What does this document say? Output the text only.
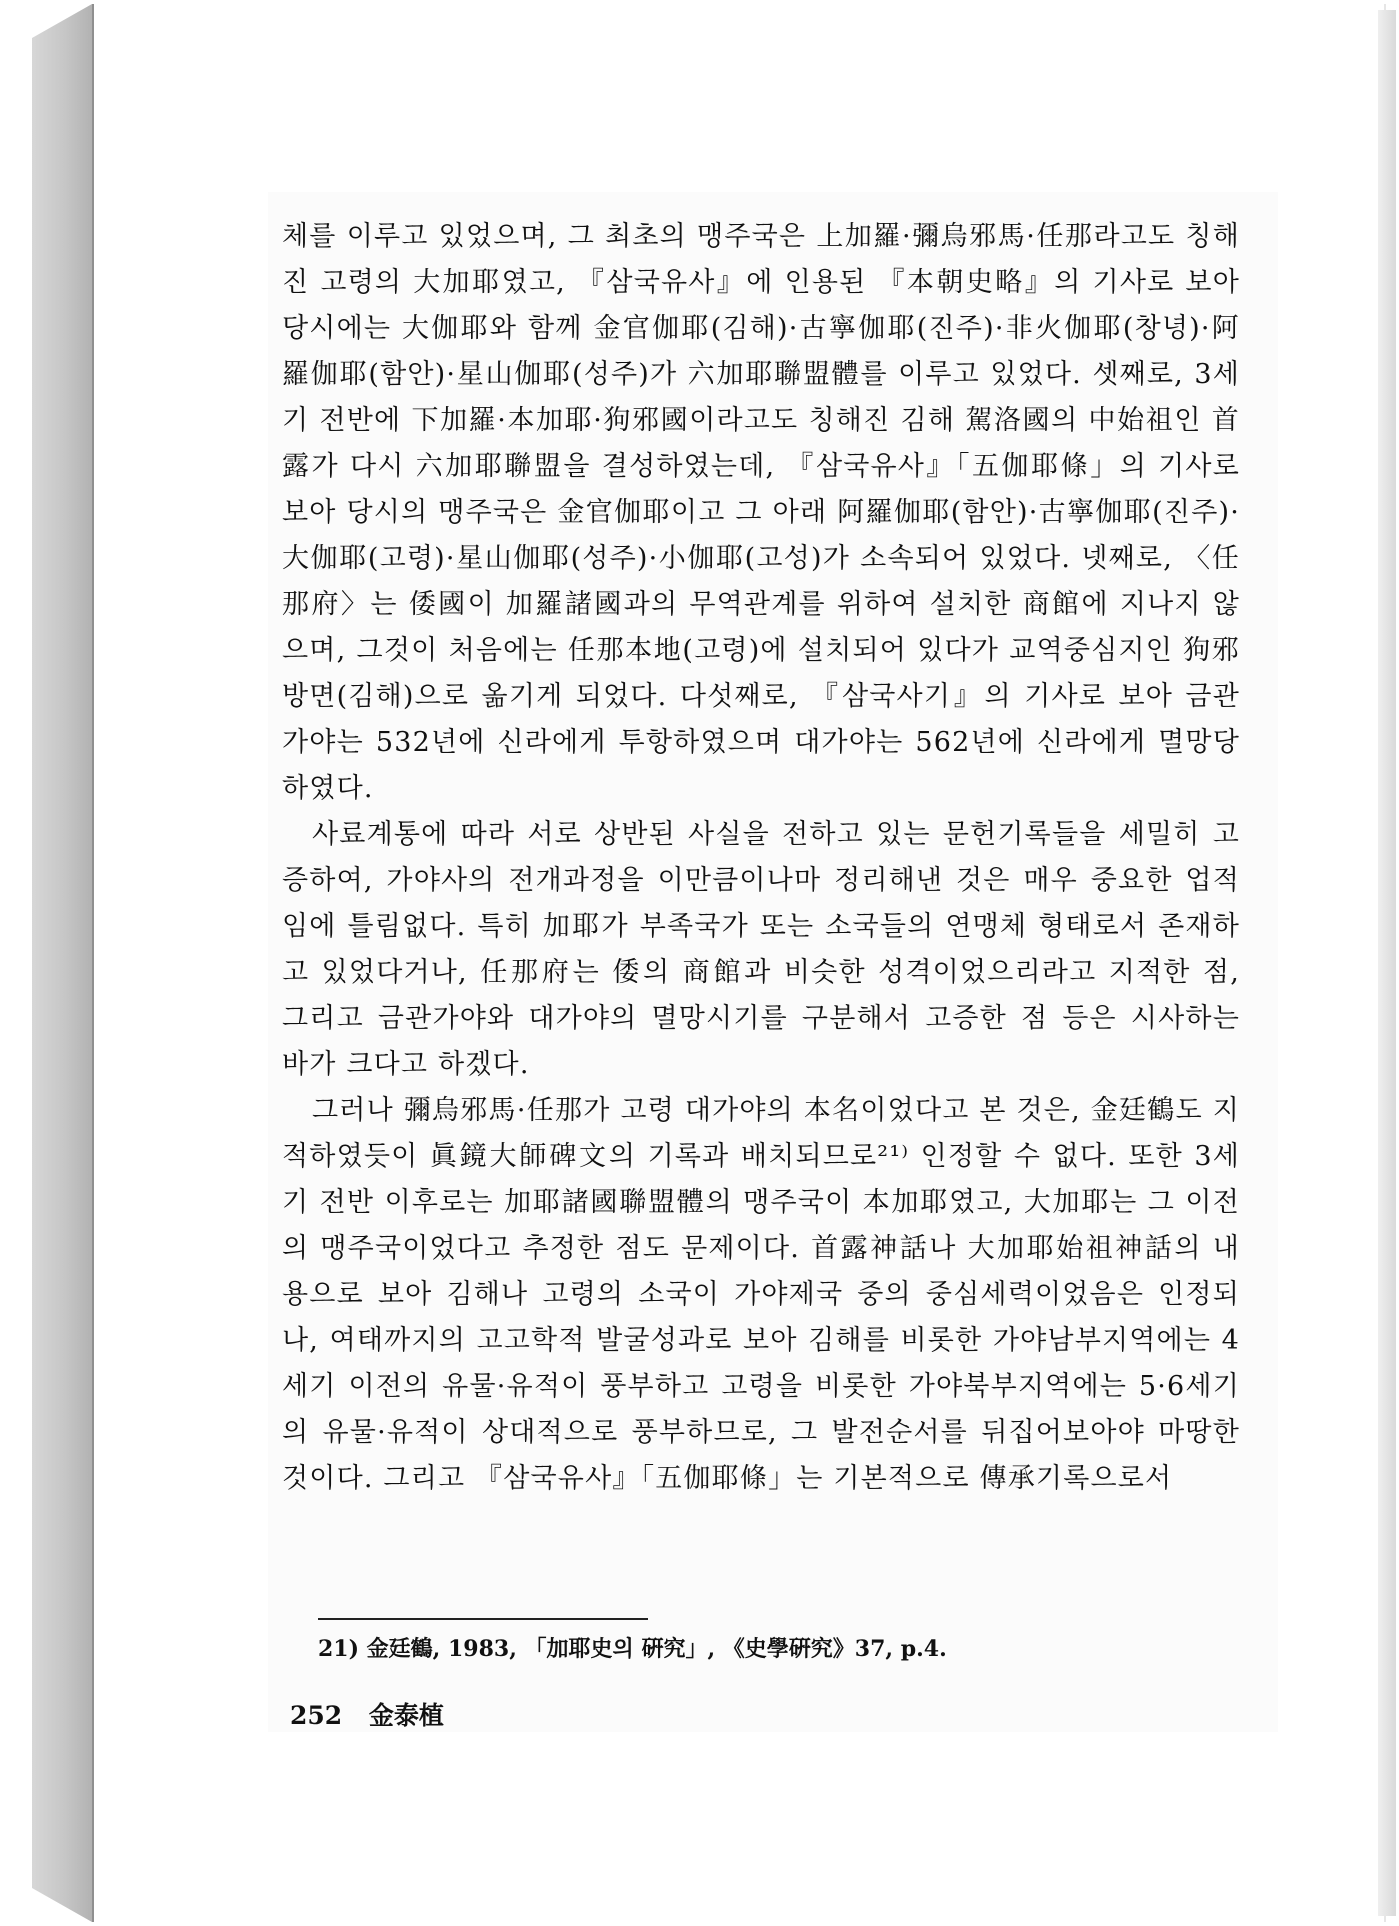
체를 이루고 있었으며, 그 최초의 맹주국은 上加羅·彌烏邪馬·任那라고도 칭해진 고령의 大加耶였고, 『삼국유사』에 인용된 『本朝史略』의 기사로 보아 당시에는 大伽耶와 함께 金官伽耶(김해)·古寧伽耶(진주)·非火伽耶(창녕)·阿羅伽耶(함안)·星山伽耶(성주)가 六加耶聯盟體를 이루고 있었다. 셋째로, 3세기 전반에 下加羅·本加耶·狗邪國이라고도 칭해진 김해 駕洛國의 中始祖인 首露가 다시 六加耶聯盟을 결성하였는데, 『삼국유사』「五伽耶條」의 기사로 보아 당시의 맹주국은 金官伽耶이고 그 아래 阿羅伽耶(함안)·古寧伽耶(진주)·大伽耶(고령)·星山伽耶(성주)·小伽耶(고성)가 소속되어 있었다. 넷째로, 〈任那府〉는 倭國이 加羅諸國과의 무역관계를 위하여 설치한 商館에 지나지 않으며, 그것이 처음에는 任那本地(고령)에 설치되어 있다가 교역중심지인 狗邪방면(김해)으로 옮기게 되었다. 다섯째로, 『삼국사기』의 기사로 보아 금관가야는 532년에 신라에게 투항하였으며 대가야는 562년에 신라에게 멸망당하였다.

사료계통에 따라 서로 상반된 사실을 전하고 있는 문헌기록들을 세밀히 고증하여, 가야사의 전개과정을 이만큼이나마 정리해낸 것은 매우 중요한 업적임에 틀림없다. 특히 加耶가 부족국가 또는 소국들의 연맹체 형태로서 존재하고 있었다거나, 任那府는 倭의 商館과 비슷한 성격이었으리라고 지적한 점, 그리고 금관가야와 대가야의 멸망시기를 구분해서 고증한 점 등은 시사하는 바가 크다고 하겠다.

그러나 彌烏邪馬·任那가 고령 대가야의 本名이었다고 본 것은, 金廷鶴도 지적하였듯이 眞鏡大師碑文의 기록과 배치되므로²¹⁾ 인정할 수 없다. 또한 3세기 전반 이후로는 加耶諸國聯盟體의 맹주국이 本加耶였고, 大加耶는 그 이전의 맹주국이었다고 추정한 점도 문제이다. 首露神話나 大加耶始祖神話의 내용으로 보아 김해나 고령의 소국이 가야제국 중의 중심세력이었음은 인정되나, 여태까지의 고고학적 발굴성과로 보아 김해를 비롯한 가야남부지역에는 4세기 이전의 유물·유적이 풍부하고 고령을 비롯한 가야북부지역에는 5·6세기의 유물·유적이 상대적으로 풍부하므로, 그 발전순서를 뒤집어보아야 마땅한 것이다. 그리고 『삼국유사』「五伽耶條」는 기본적으로 傳承기록으로서

21) 金廷鶴, 1983, 「加耶史의 硏究」, 《史學硏究》37, p.4.
252 金泰植
